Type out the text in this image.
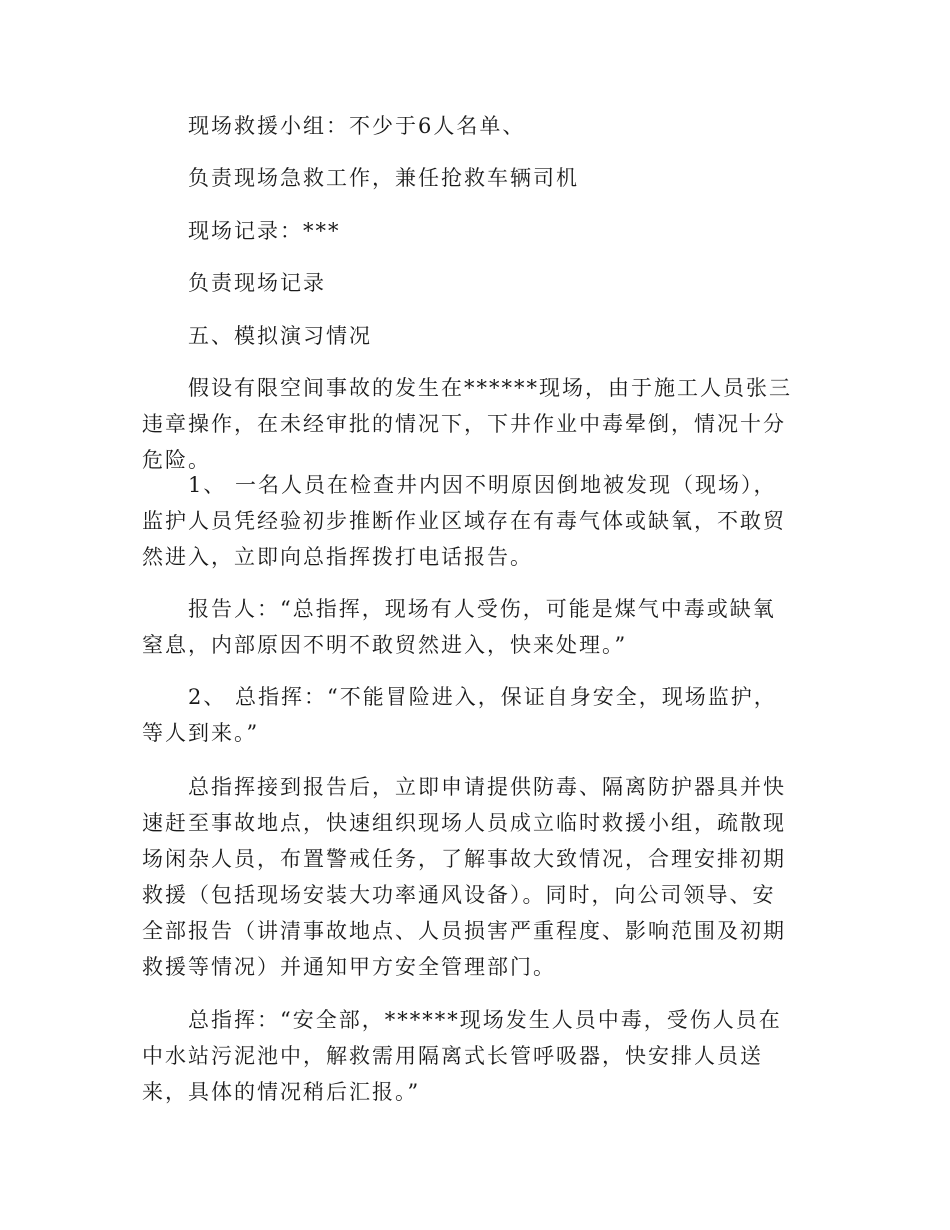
现场救援小组：不少于6人名单、

负责现场急救工作，兼任抢救车辆司机

现场记录：***

负责现场记录

五、模拟演习情况

假设有限空间事故的发生在******现场，由于施工人员张三违章操作，在未经审批的情况下，下井作业中毒晕倒，情况十分危险。

1、 一名人员在检查井内因不明原因倒地被发现（现场），监护人员凭经验初步推断作业区域存在有毒气体或缺氧，不敢贸然进入，立即向总指挥拨打电话报告。

报告人：“总指挥，现场有人受伤，可能是煤气中毒或缺氧窒息，内部原因不明不敢贸然进入，快来处理。”

2、 总指挥：“不能冒险进入，保证自身安全，现场监护，等人到来。”

总指挥接到报告后，立即申请提供防毒、隔离防护器具并快速赶至事故地点，快速组织现场人员成立临时救援小组，疏散现场闲杂人员，布置警戒任务，了解事故大致情况，合理安排初期救援（包括现场安装大功率通风设备）。同时，向公司领导、安全部报告（讲清事故地点、人员损害严重程度、影响范围及初期救援等情况）并通知甲方安全管理部门。

总指挥：“安全部，******现场发生人员中毒，受伤人员在中水站污泥池中，解救需用隔离式长管呼吸器，快安排人员送来，具体的情况稍后汇报。”
